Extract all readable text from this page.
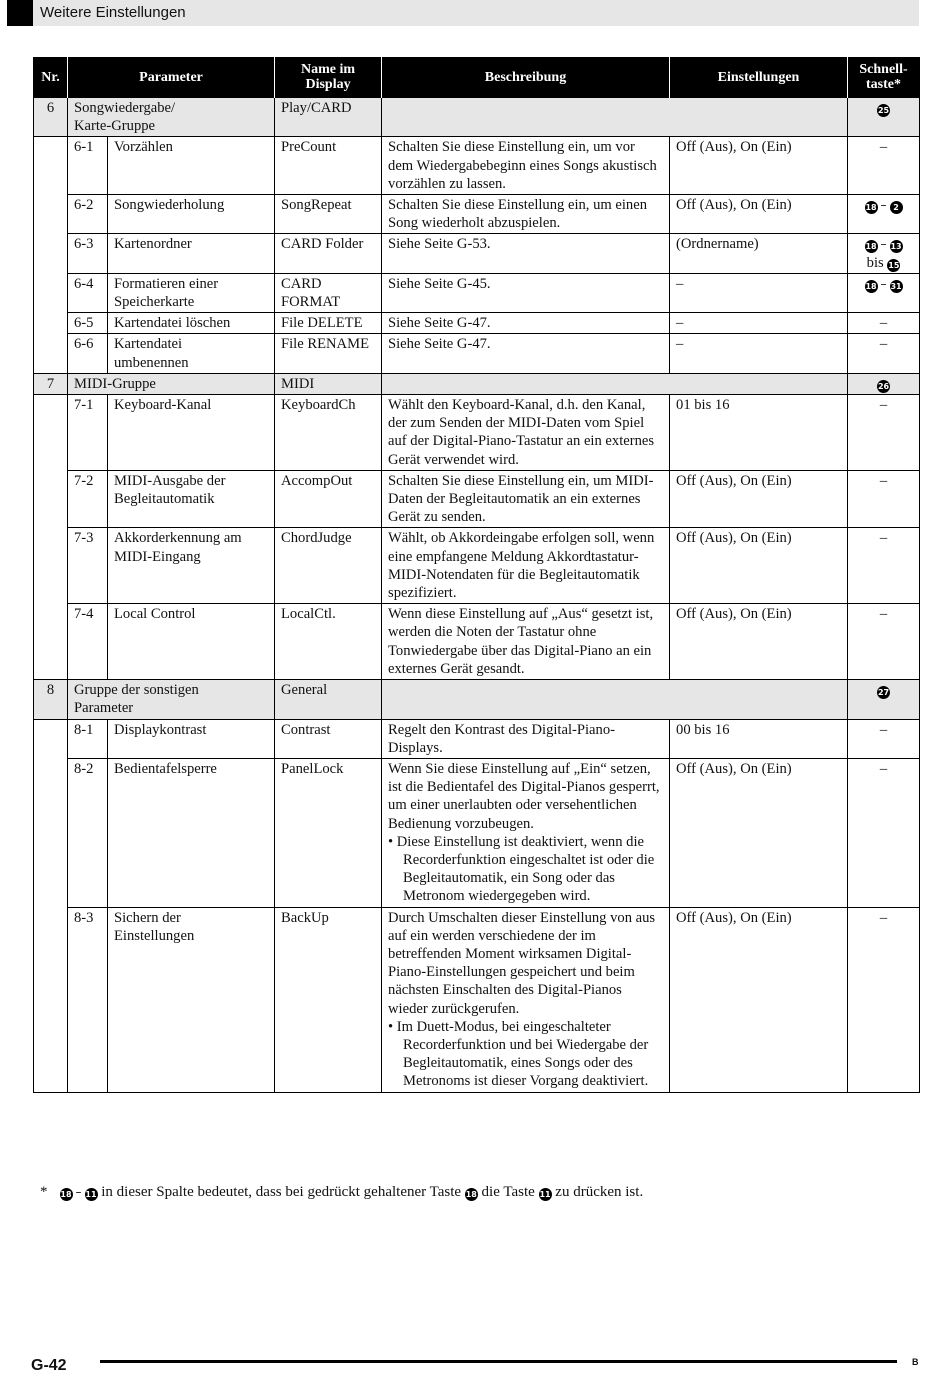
Weitere Einstellungen
Nr.	Parameter		Name im
Display	Beschreibung	Einstellungen	Schnell-
taste*
6	Songwiedergabe/
Karte-Gruppe		Play/CARD			25
	6-1	Vorzählen	PreCount	Schalten Sie diese Einstellung ein, um vor dem Wiedergabebeginn eines Songs akustisch vorzählen zu lassen.	Off (Aus), On (Ein)	–
	6-2	Songwiederholung	SongRepeat	Schalten Sie diese Einstellung ein, um einen Song wiederholt abzuspielen.	Off (Aus), On (Ein)	18 – 2
	6-3	Kartenordner	CARD Folder	Siehe Seite G-53.	(Ordnername)	18 – 13
bis 15
	6-4	Formatieren einer
Speicherkarte	CARD
FORMAT	Siehe Seite G-45.	–	18 – 31
	6-5	Kartendatei löschen	File DELETE	Siehe Seite G-47.	–	–
	6-6	Kartendatei
umbenennen	File RENAME	Siehe Seite G-47.	–	–
7	MIDI-Gruppe		MIDI			26
	7-1	Keyboard-Kanal	KeyboardCh	Wählt den Keyboard-Kanal, d.h. den Kanal, der zum Senden der MIDI-Daten vom Spiel auf der Digital-Piano-Tastatur an ein externes Gerät verwendet wird.	01 bis 16	–
	7-2	MIDI-Ausgabe der
Begleitautomatik	AccompOut	Schalten Sie diese Einstellung ein, um MIDI-Daten der Begleitautomatik an ein externes Gerät zu senden.	Off (Aus), On (Ein)	–
	7-3	Akkorderkennung am
MIDI-Eingang	ChordJudge	Wählt, ob Akkordeingabe erfolgen soll, wenn eine empfangene Meldung Akkordtastatur-MIDI-Notendaten für die Begleitautomatik spezifiziert.	Off (Aus), On (Ein)	–
	7-4	Local Control	LocalCtl.	Wenn diese Einstellung auf „Aus“ gesetzt ist, werden die Noten der Tastatur ohne Tonwiedergabe über das Digital-Piano an ein externes Gerät gesandt.	Off (Aus), On (Ein)	–
8	Gruppe der sonstigen
Parameter		General			27
	8-1	Displaykontrast	Contrast	Regelt den Kontrast des Digital-Piano-Displays.	00 bis 16	–
	8-2	Bedientafelsperre	PanelLock	Wenn Sie diese Einstellung auf „Ein“ setzen, ist die Bedientafel des Digital-Pianos gesperrt, um einer unerlaubten oder versehentlichen Bedienung vorzubeugen.
• Diese Einstellung ist deaktiviert, wenn die Recorderfunktion eingeschaltet ist oder die Begleitautomatik, ein Song oder das Metronom wiedergegeben wird.	Off (Aus), On (Ein)	–
	8-3	Sichern der
Einstellungen	BackUp	Durch Umschalten dieser Einstellung von aus auf ein werden verschiedene der im betreffenden Moment wirksamen Digital-Piano-Einstellungen gespeichert und beim nächsten Einschalten des Digital-Pianos wieder zurückgerufen.
• Im Duett-Modus, bei eingeschalteter Recorderfunktion und bei Wiedergabe der Begleitautomatik, eines Songs oder des Metronoms ist dieser Vorgang deaktiviert.	Off (Aus), On (Ein)	–
* 18 – 11 in dieser Spalte bedeutet, dass bei gedrückt gehaltener Taste 18 die Taste 11 zu drücken ist.
G-42	B
